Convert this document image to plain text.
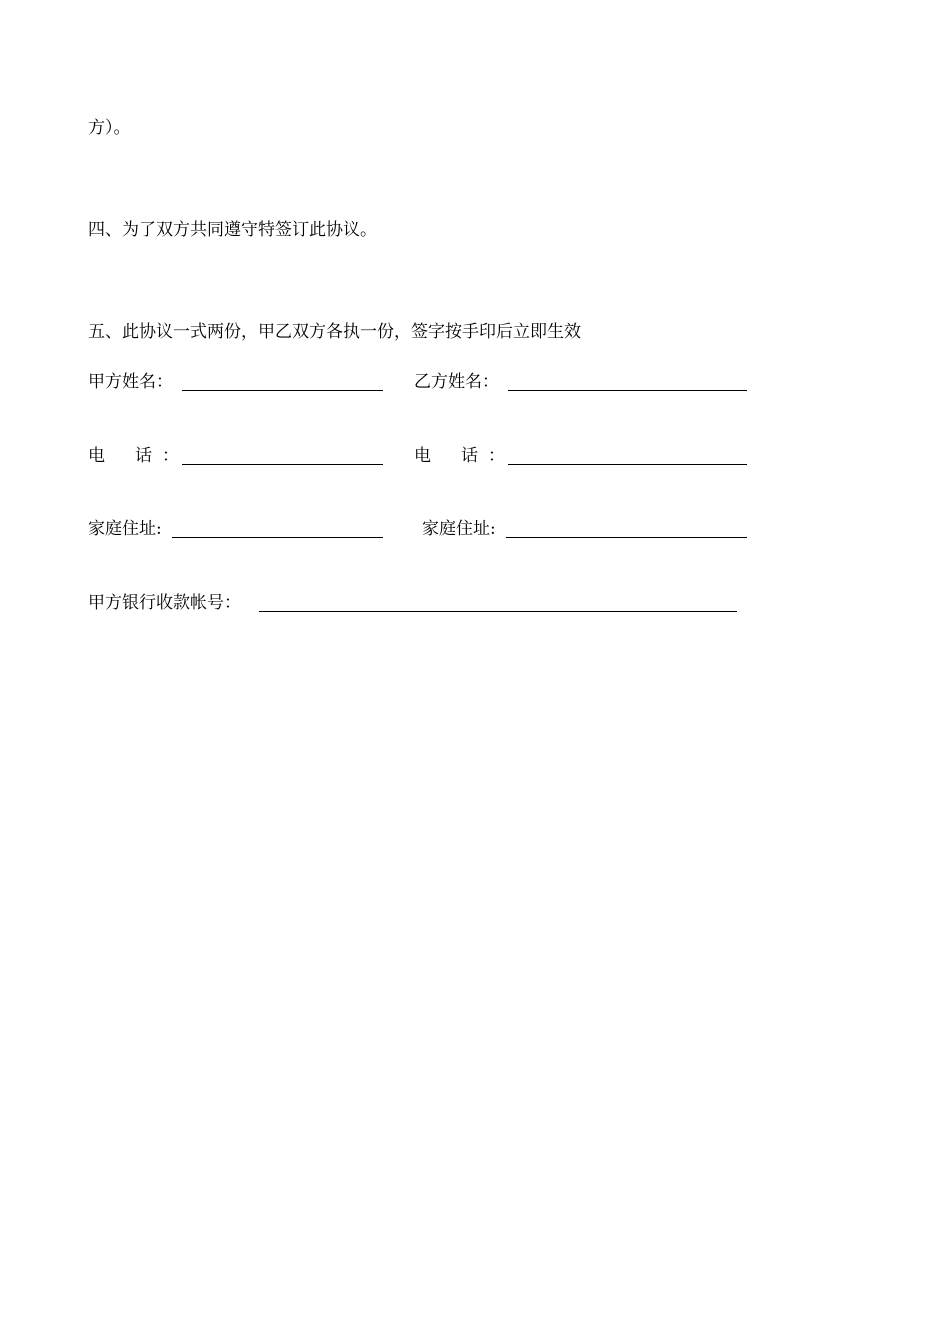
方）。
四、为了双方共同遵守特签订此协议。
五、此协议一式两份，甲乙双方各执一份，签字按手印后立即生效
甲方姓名：	乙方姓名：
电 话 ：	电 话 ：
家庭住址:	家庭住址:
甲方银行收款帐号：
